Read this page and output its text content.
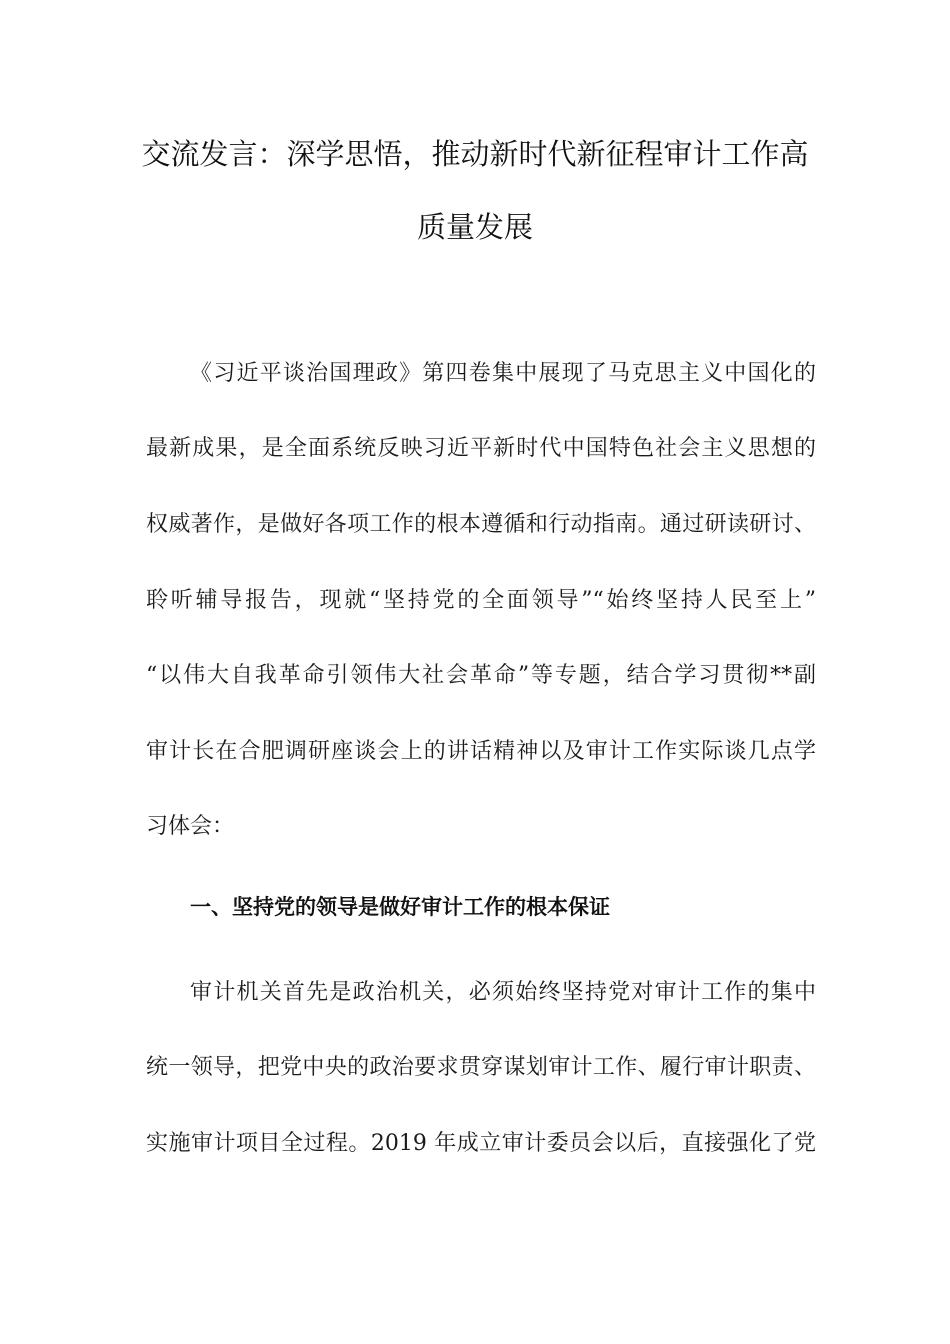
交流发言：深学思悟，推动新时代新征程审计工作高
质量发展
《习近平谈治国理政》第四卷集中展现了马克思主义中国化的
最新成果，是全面系统反映习近平新时代中国特色社会主义思想的
权威著作，是做好各项工作的根本遵循和行动指南。通过研读研讨、
聆听辅导报告，现就“坚持党的全面领导”“始终坚持人民至上”
“以伟大自我革命引领伟大社会革命”等专题，结合学习贯彻**副
审计长在合肥调研座谈会上的讲话精神以及审计工作实际谈几点学
习体会：
一、坚持党的领导是做好审计工作的根本保证
审计机关首先是政治机关，必须始终坚持党对审计工作的集中
统一领导，把党中央的政治要求贯穿谋划审计工作、履行审计职责、
实施审计项目全过程。2019 年成立审计委员会以后，直接强化了党
